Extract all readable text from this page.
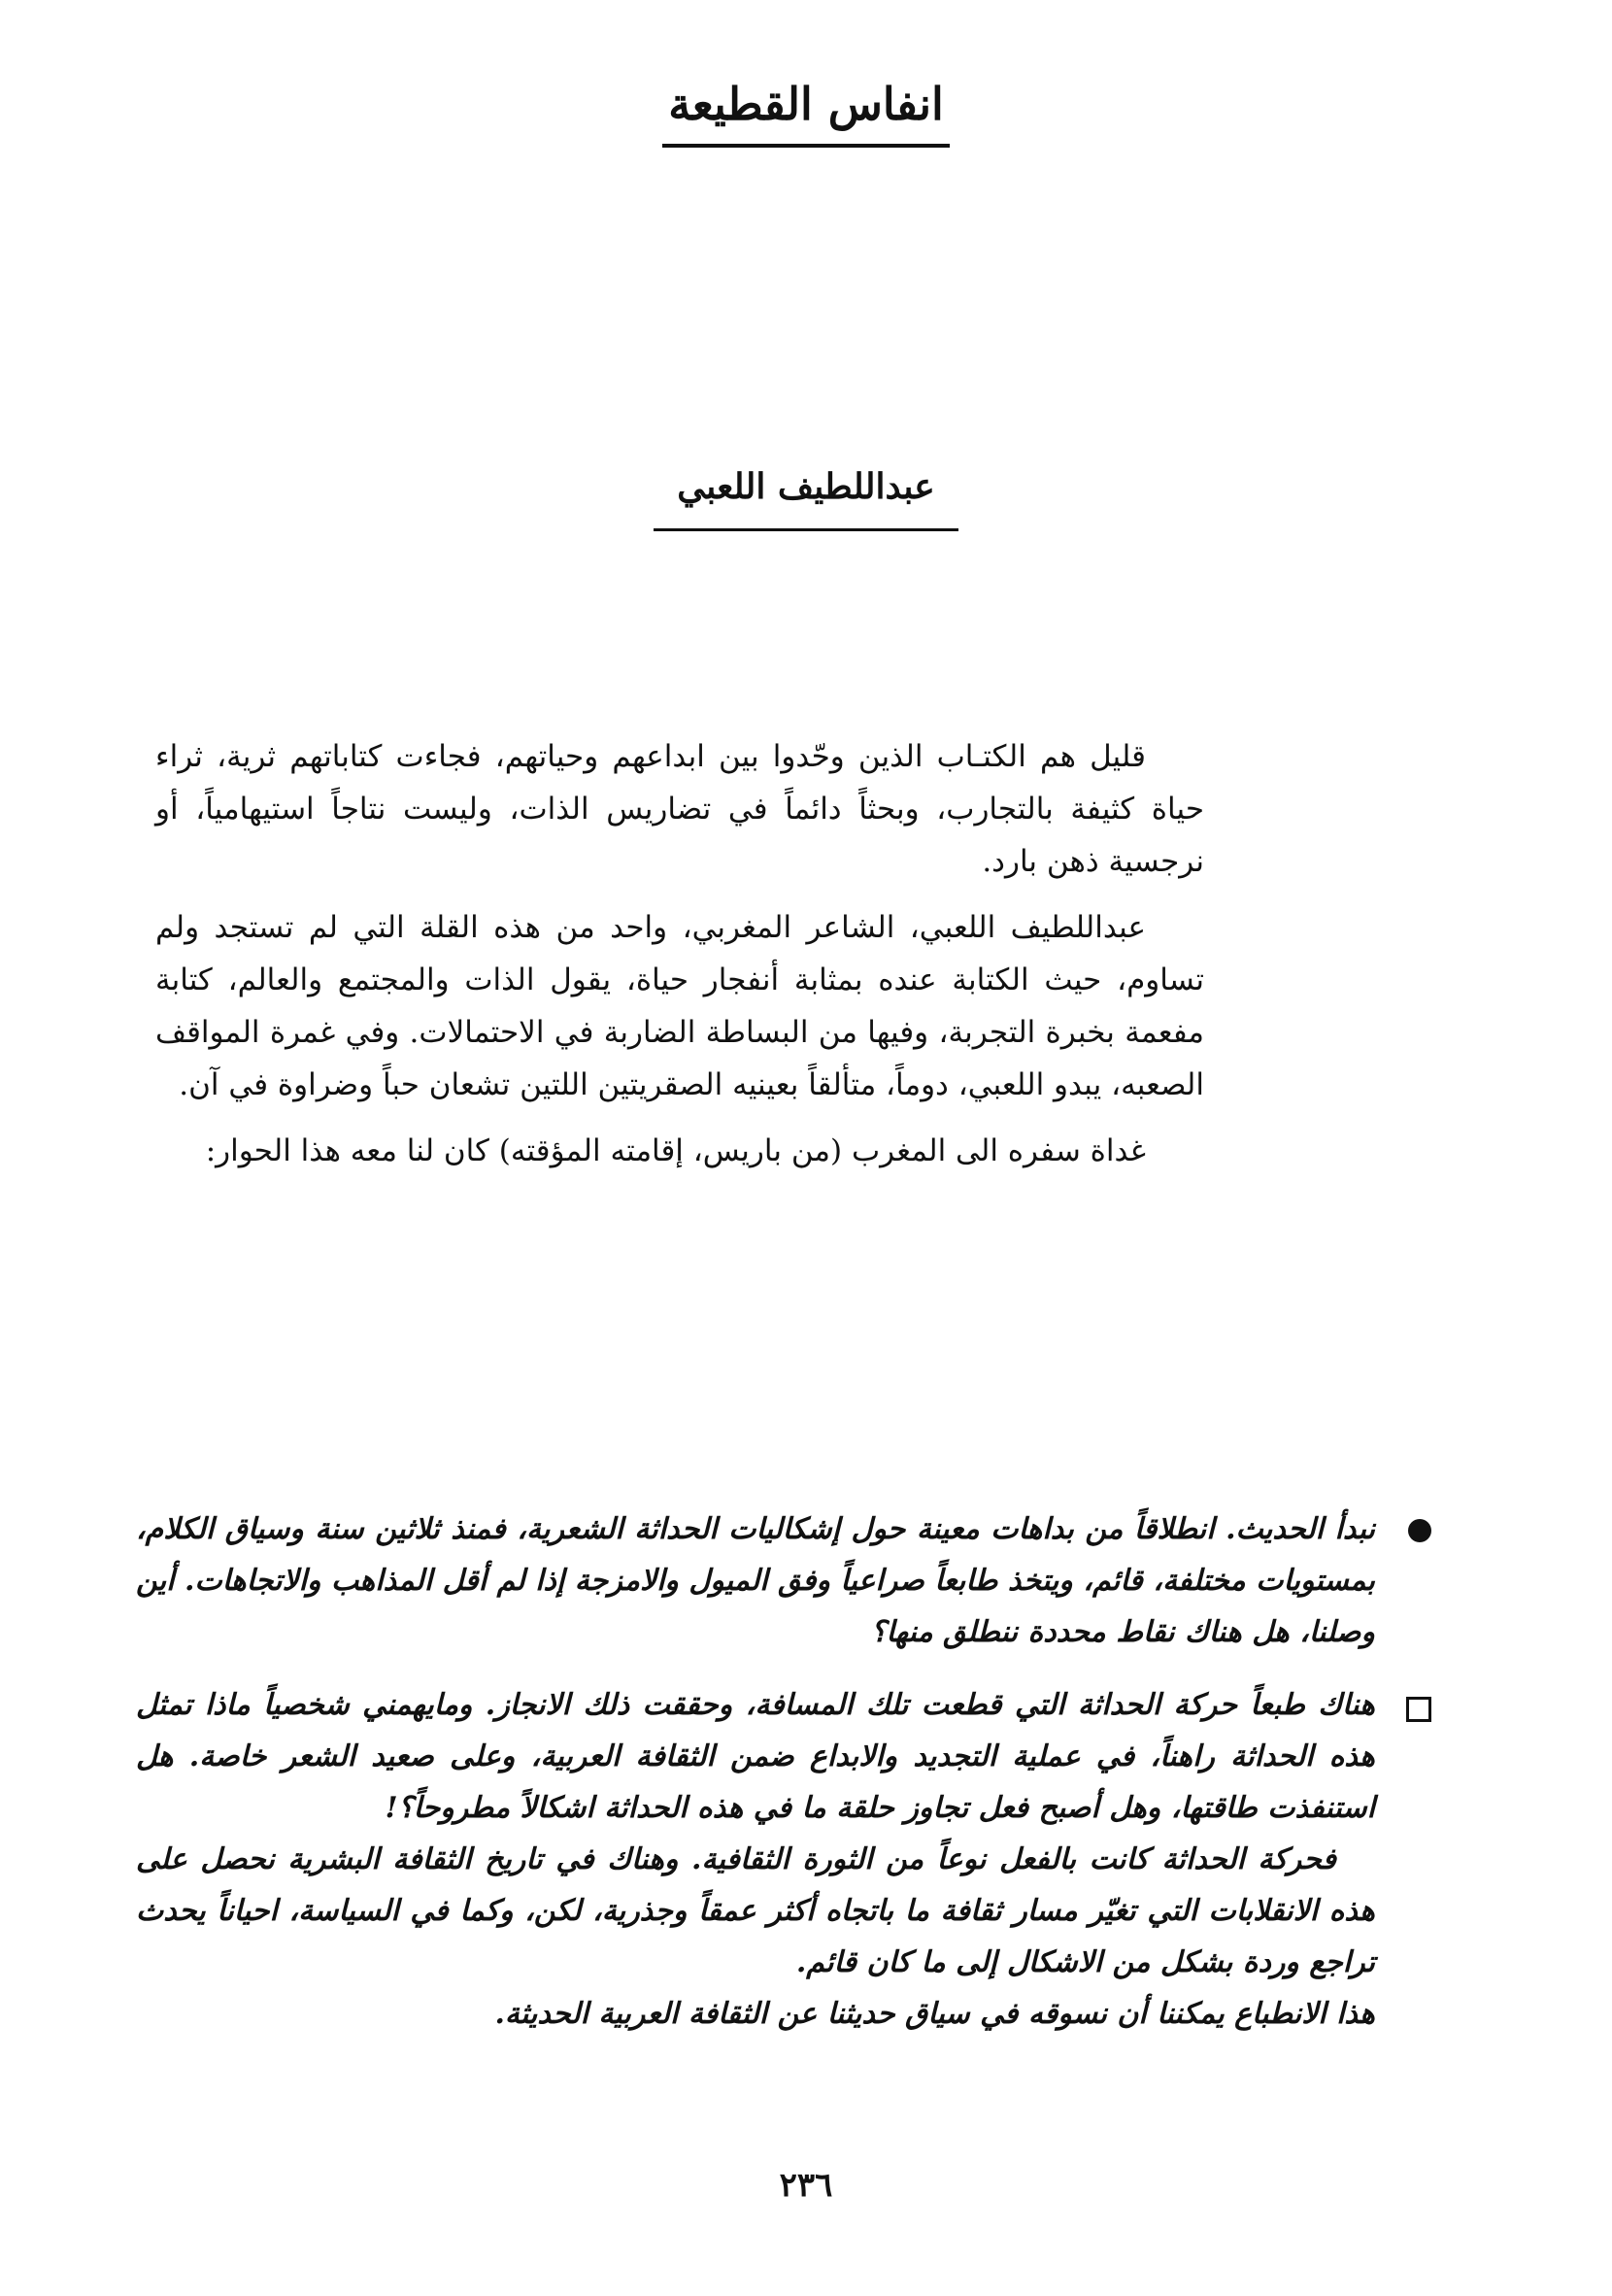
انفاس القطيعة
عبداللطيف اللعبي

قليل هم الكتـاب الذين وحّدوا بين ابداعهم وحياتهم، فجاءت كتاباتهم ثرية، ثراء حياة كثيفة بالتجارب، وبحثاً دائماً في تضاريس الذات، وليست نتاجاً استيهامياً، أو نرجسية ذهن بارد.

عبداللطيف اللعبي، الشاعر المغربي، واحد من هذه القلة التي لم تستجد ولم تساوم، حيث الكتابة عنده بمثابة أنفجار حياة، يقول الذات والمجتمع والعالم، كتابة مفعمة بخبرة التجربة، وفيها من البساطة الضاربة في الاحتمالات. وفي غمرة المواقف الصعبه، يبدو اللعبي، دوماً، متألقاً بعينيه الصقريتين اللتين تشعان حباً وضراوة في آن.

غداة سفره الى المغرب (من باريس، إقامته المؤقته) كان لنا معه هذا الحوار:

نبدأ الحديث. انطلاقاً من بداهات معينة حول إشكاليات الحداثة الشعرية، فمنذ ثلاثين سنة وسياق الكلام، بمستويات مختلفة، قائم، ويتخذ طابعاً صراعياً وفق الميول والامزجة إذا لم أقل المذاهب والاتجاهات. أين وصلنا، هل هناك نقاط محددة ننطلق منها؟

هناك طبعاً حركة الحداثة التي قطعت تلك المسافة، وحققت ذلك الانجاز. ومايهمني شخصياً ماذا تمثل هذه الحداثة راهناً، في عملية التجديد والابداع ضمن الثقافة العربية، وعلى صعيد الشعر خاصة. هل استنفذت طاقتها، وهل أصبح فعل تجاوز حلقة ما في هذه الحداثة اشكالاً مطروحاً؟!

فحركة الحداثة كانت بالفعل نوعاً من الثورة الثقافية. وهناك في تاريخ الثقافة البشرية نحصل على هذه الانقلابات التي تغيّر مسار ثقافة ما باتجاه أكثر عمقاً وجذرية، لكن، وكما في السياسة، احياناً يحدث تراجع وردة بشكل من الاشكال إلى ما كان قائم.

هذا الانطباع يمكننا أن نسوقه في سياق حديثنا عن الثقافة العربية الحديثة.

٢٣٦
